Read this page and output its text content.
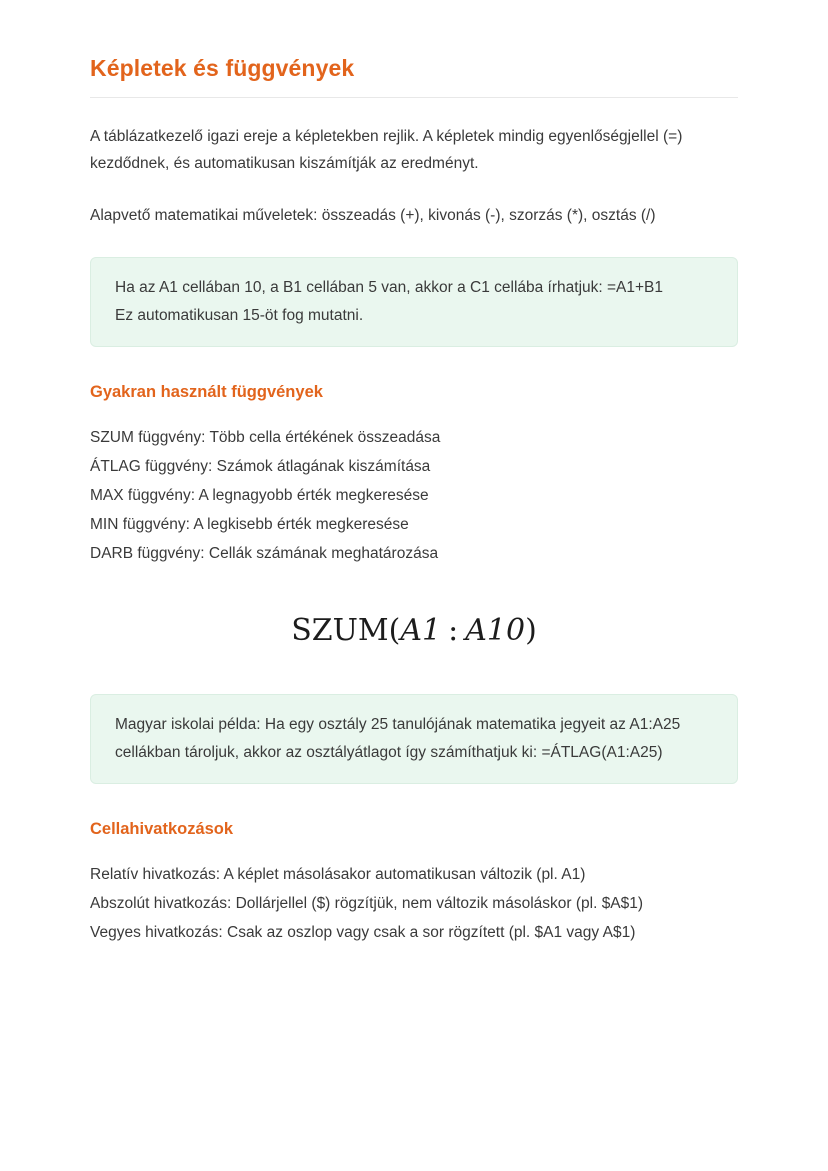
Képletek és függvények

A táblázatkezelő igazi ereje a képletekben rejlik. A képletek mindig egyenlőségjellel (=) kezdődnek, és automatikusan kiszámítják az eredményt.

Alapvető matematikai műveletek: összeadás (+), kivonás (-), szorzás (*), osztás (/)

Ha az A1 cellában 10, a B1 cellában 5 van, akkor a C1 cellába írhatjuk: =A1+B1

Ez automatikusan 15-öt fog mutatni.

Gyakran használt függvények
SZUM függvény: Több cella értékének összeadása
ÁTLAG függvény: Számok átlagának kiszámítása
MAX függvény: A legnagyobb érték megkeresése
MIN függvény: A legkisebb érték megkeresése
DARB függvény: Cellák számának meghatározása
SZUM(A1 : A10)

Magyar iskolai példa: Ha egy osztály 25 tanulójának matematika jegyeit az A1:A25 cellákban tároljuk, akkor az osztályátlagot így számíthatjuk ki: =ÁTLAG(A1:A25)

Cellahivatkozások
Relatív hivatkozás: A képlet másolásakor automatikusan változik (pl. A1)
Abszolút hivatkozás: Dollárjellel ($) rögzítjük, nem változik másoláskor (pl. $A$1)
Vegyes hivatkozás: Csak az oszlop vagy csak a sor rögzített (pl. $A1 vagy A$1)
